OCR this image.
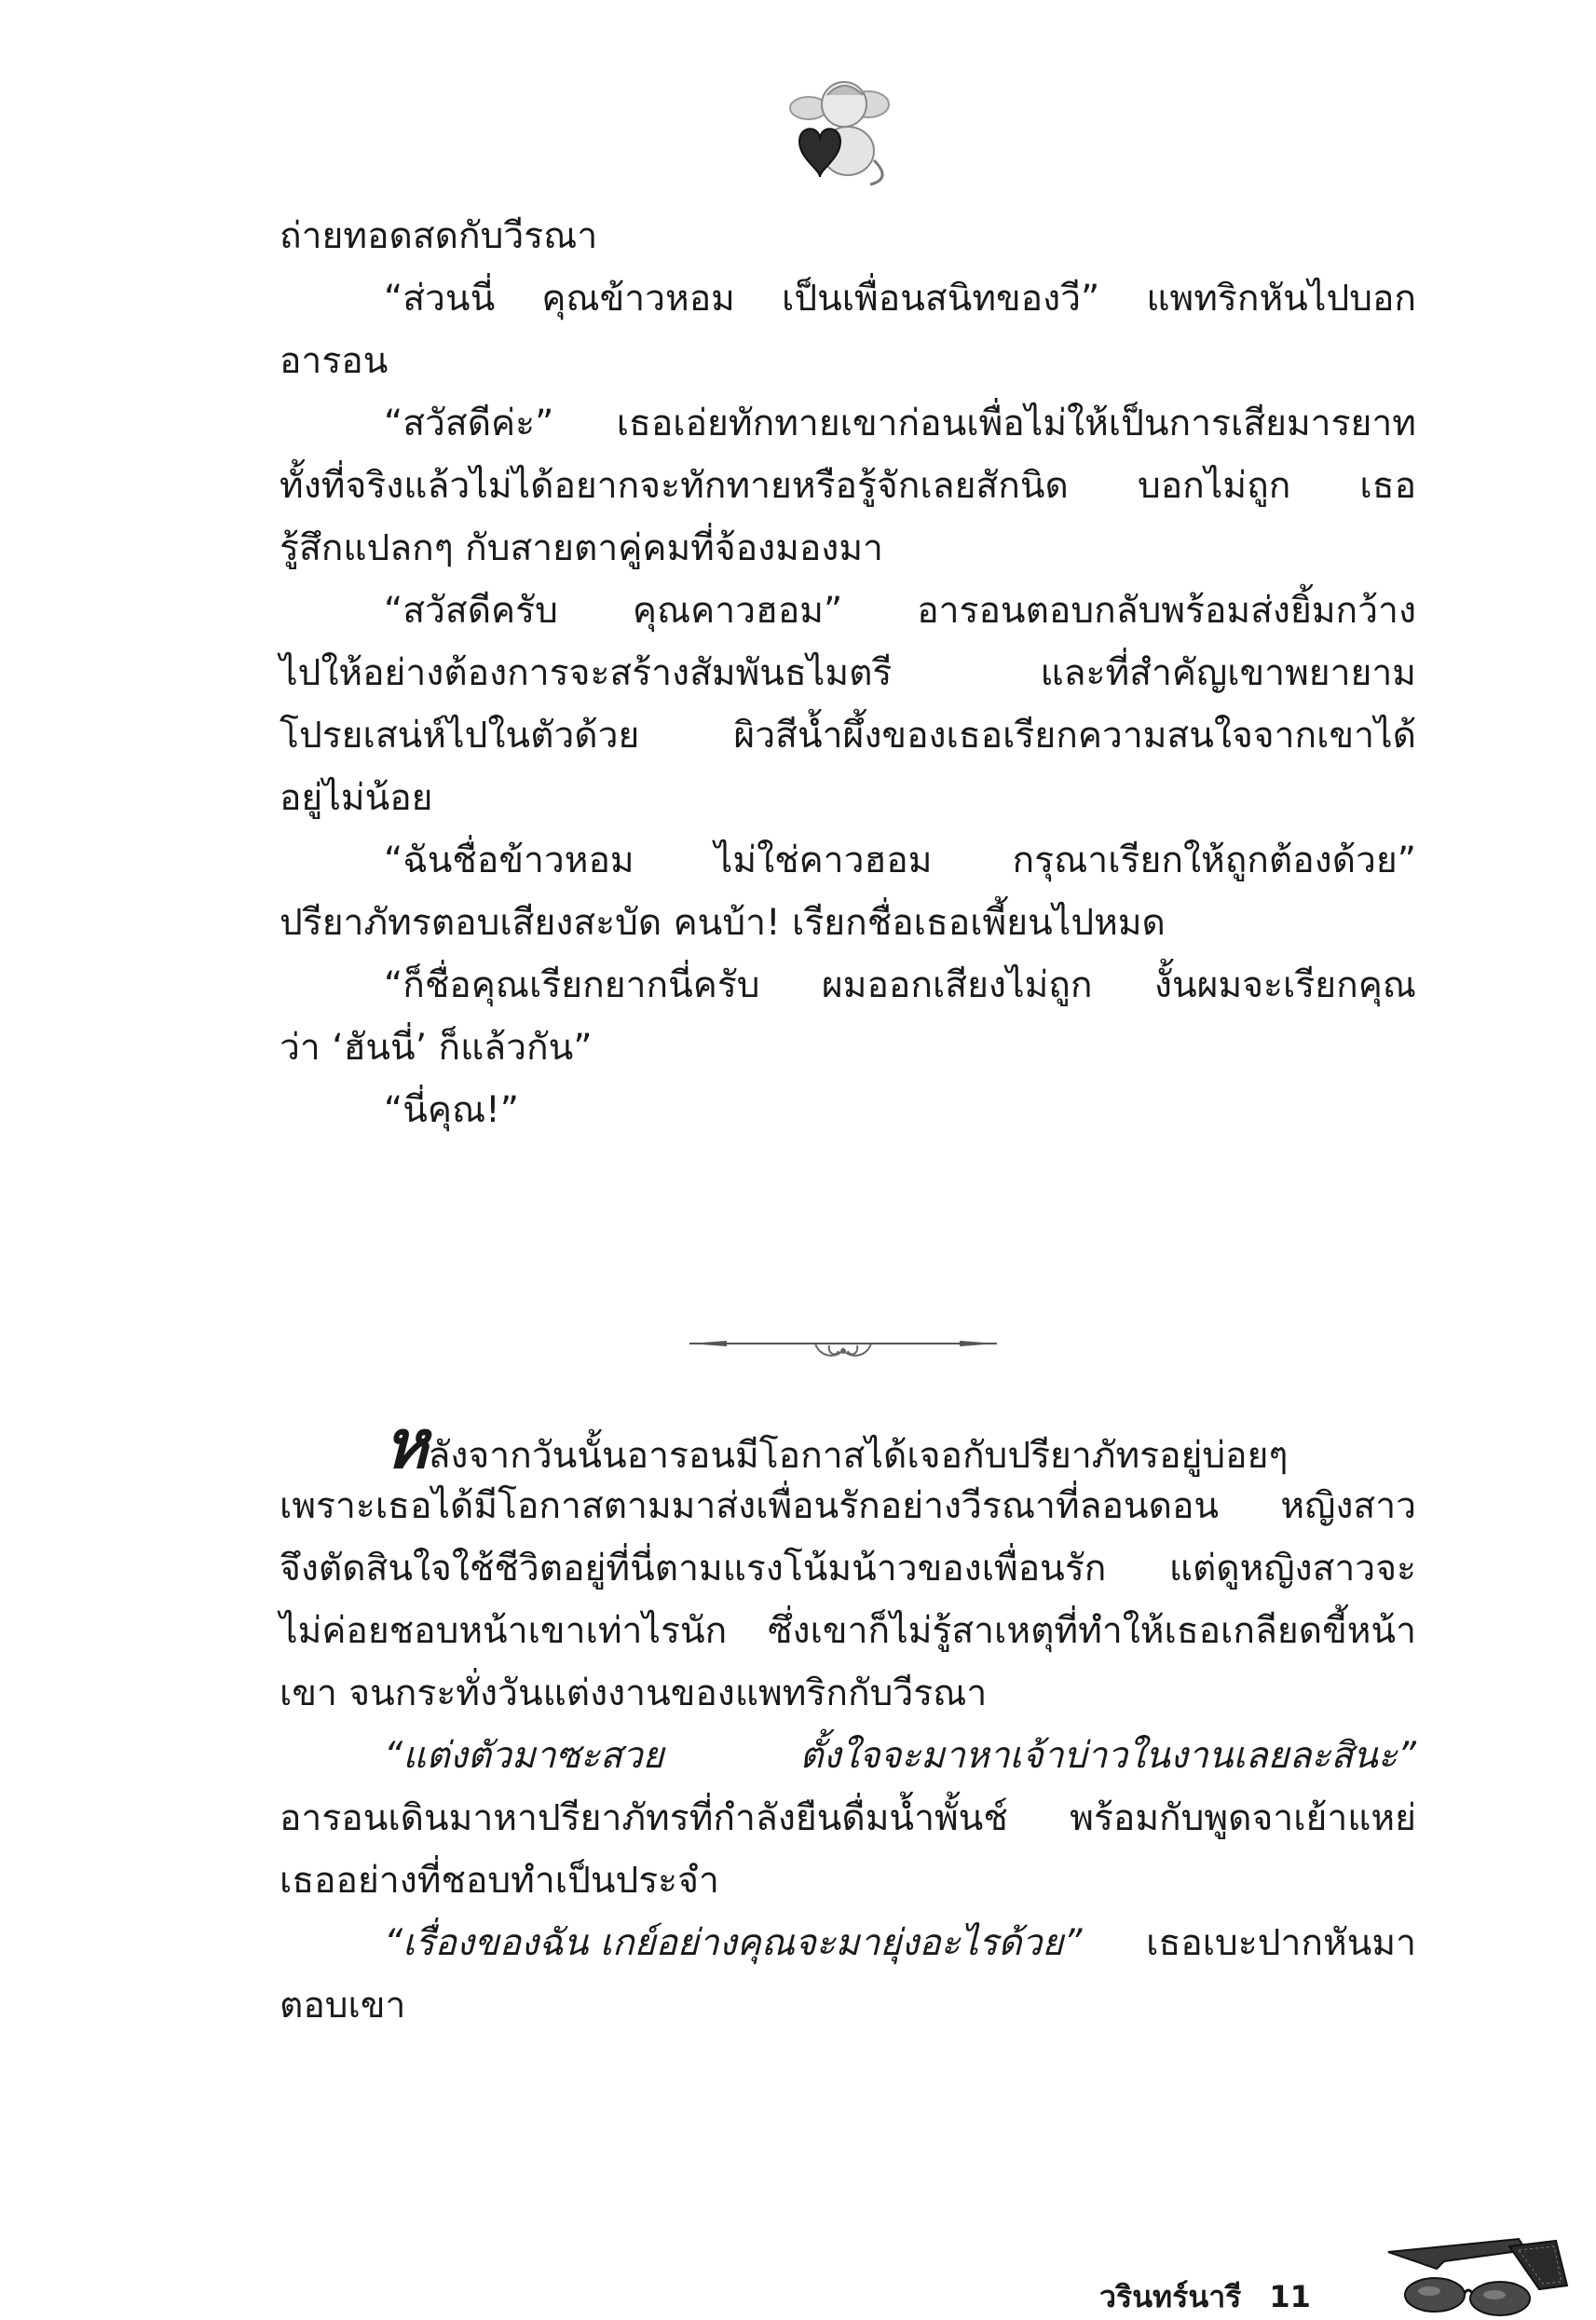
ถ่ายทอดสดกับวีรณา
“ส่วนนี่ คุณข้าวหอม เป็นเพื่อนสนิทของวี” แพทริกหันไปบอก
อารอน
“สวัสดีค่ะ” เธอเอ่ยทักทายเขาก่อนเพื่อไม่ให้เป็นการเสียมารยาท
ทั้งที่จริงแล้วไม่ได้อยากจะทักทายหรือรู้จักเลยสักนิด บอกไม่ถูก เธอ
รู้สึกแปลกๆ กับสายตาคู่คมที่จ้องมองมา
“สวัสดีครับ คุณคาวฮอม” อารอนตอบกลับพร้อมส่งยิ้มกว้าง
ไปให้อย่างต้องการจะสร้างสัมพันธไมตรี และที่สำคัญเขาพยายาม
โปรยเสน่ห์ไปในตัวด้วย ผิวสีน้ำผึ้งของเธอเรียกความสนใจจากเขาได้
อยู่ไม่น้อย
“ฉันชื่อข้าวหอม ไม่ใช่คาวฮอม กรุณาเรียกให้ถูกต้องด้วย”
ปรียาภัทรตอบเสียงสะบัด คนบ้า! เรียกชื่อเธอเพี้ยนไปหมด
“ก็ชื่อคุณเรียกยากนี่ครับ ผมออกเสียงไม่ถูก งั้นผมจะเรียกคุณ
ว่า ‘ฮันนี่’ ก็แล้วกัน”
“นี่คุณ!”
หลังจากวันนั้นอารอนมีโอกาสได้เจอกับปรียาภัทรอยู่บ่อยๆ
เพราะเธอได้มีโอกาสตามมาส่งเพื่อนรักอย่างวีรณาที่ลอนดอน หญิงสาว
จึงตัดสินใจใช้ชีวิตอยู่ที่นี่ตามแรงโน้มน้าวของเพื่อนรัก แต่ดูหญิงสาวจะ
ไม่ค่อยชอบหน้าเขาเท่าไรนัก ซึ่งเขาก็ไม่รู้สาเหตุที่ทำให้เธอเกลียดขี้หน้า
เขา จนกระทั่งวันแต่งงานของแพทริกกับวีรณา
“แต่งตัวมาซะสวย ตั้งใจจะมาหาเจ้าบ่าวในงานเลยละสินะ”
อารอนเดินมาหาปรียาภัทรที่กำลังยืนดื่มน้ำพั้นช์ พร้อมกับพูดจาเย้าแหย่
เธออย่างที่ชอบทำเป็นประจำ
“เรื่องของฉัน เกย์อย่างคุณจะมายุ่งอะไรด้วย” เธอเบะปากหันมา
ตอบเขา
วรินทร์นารี 11
